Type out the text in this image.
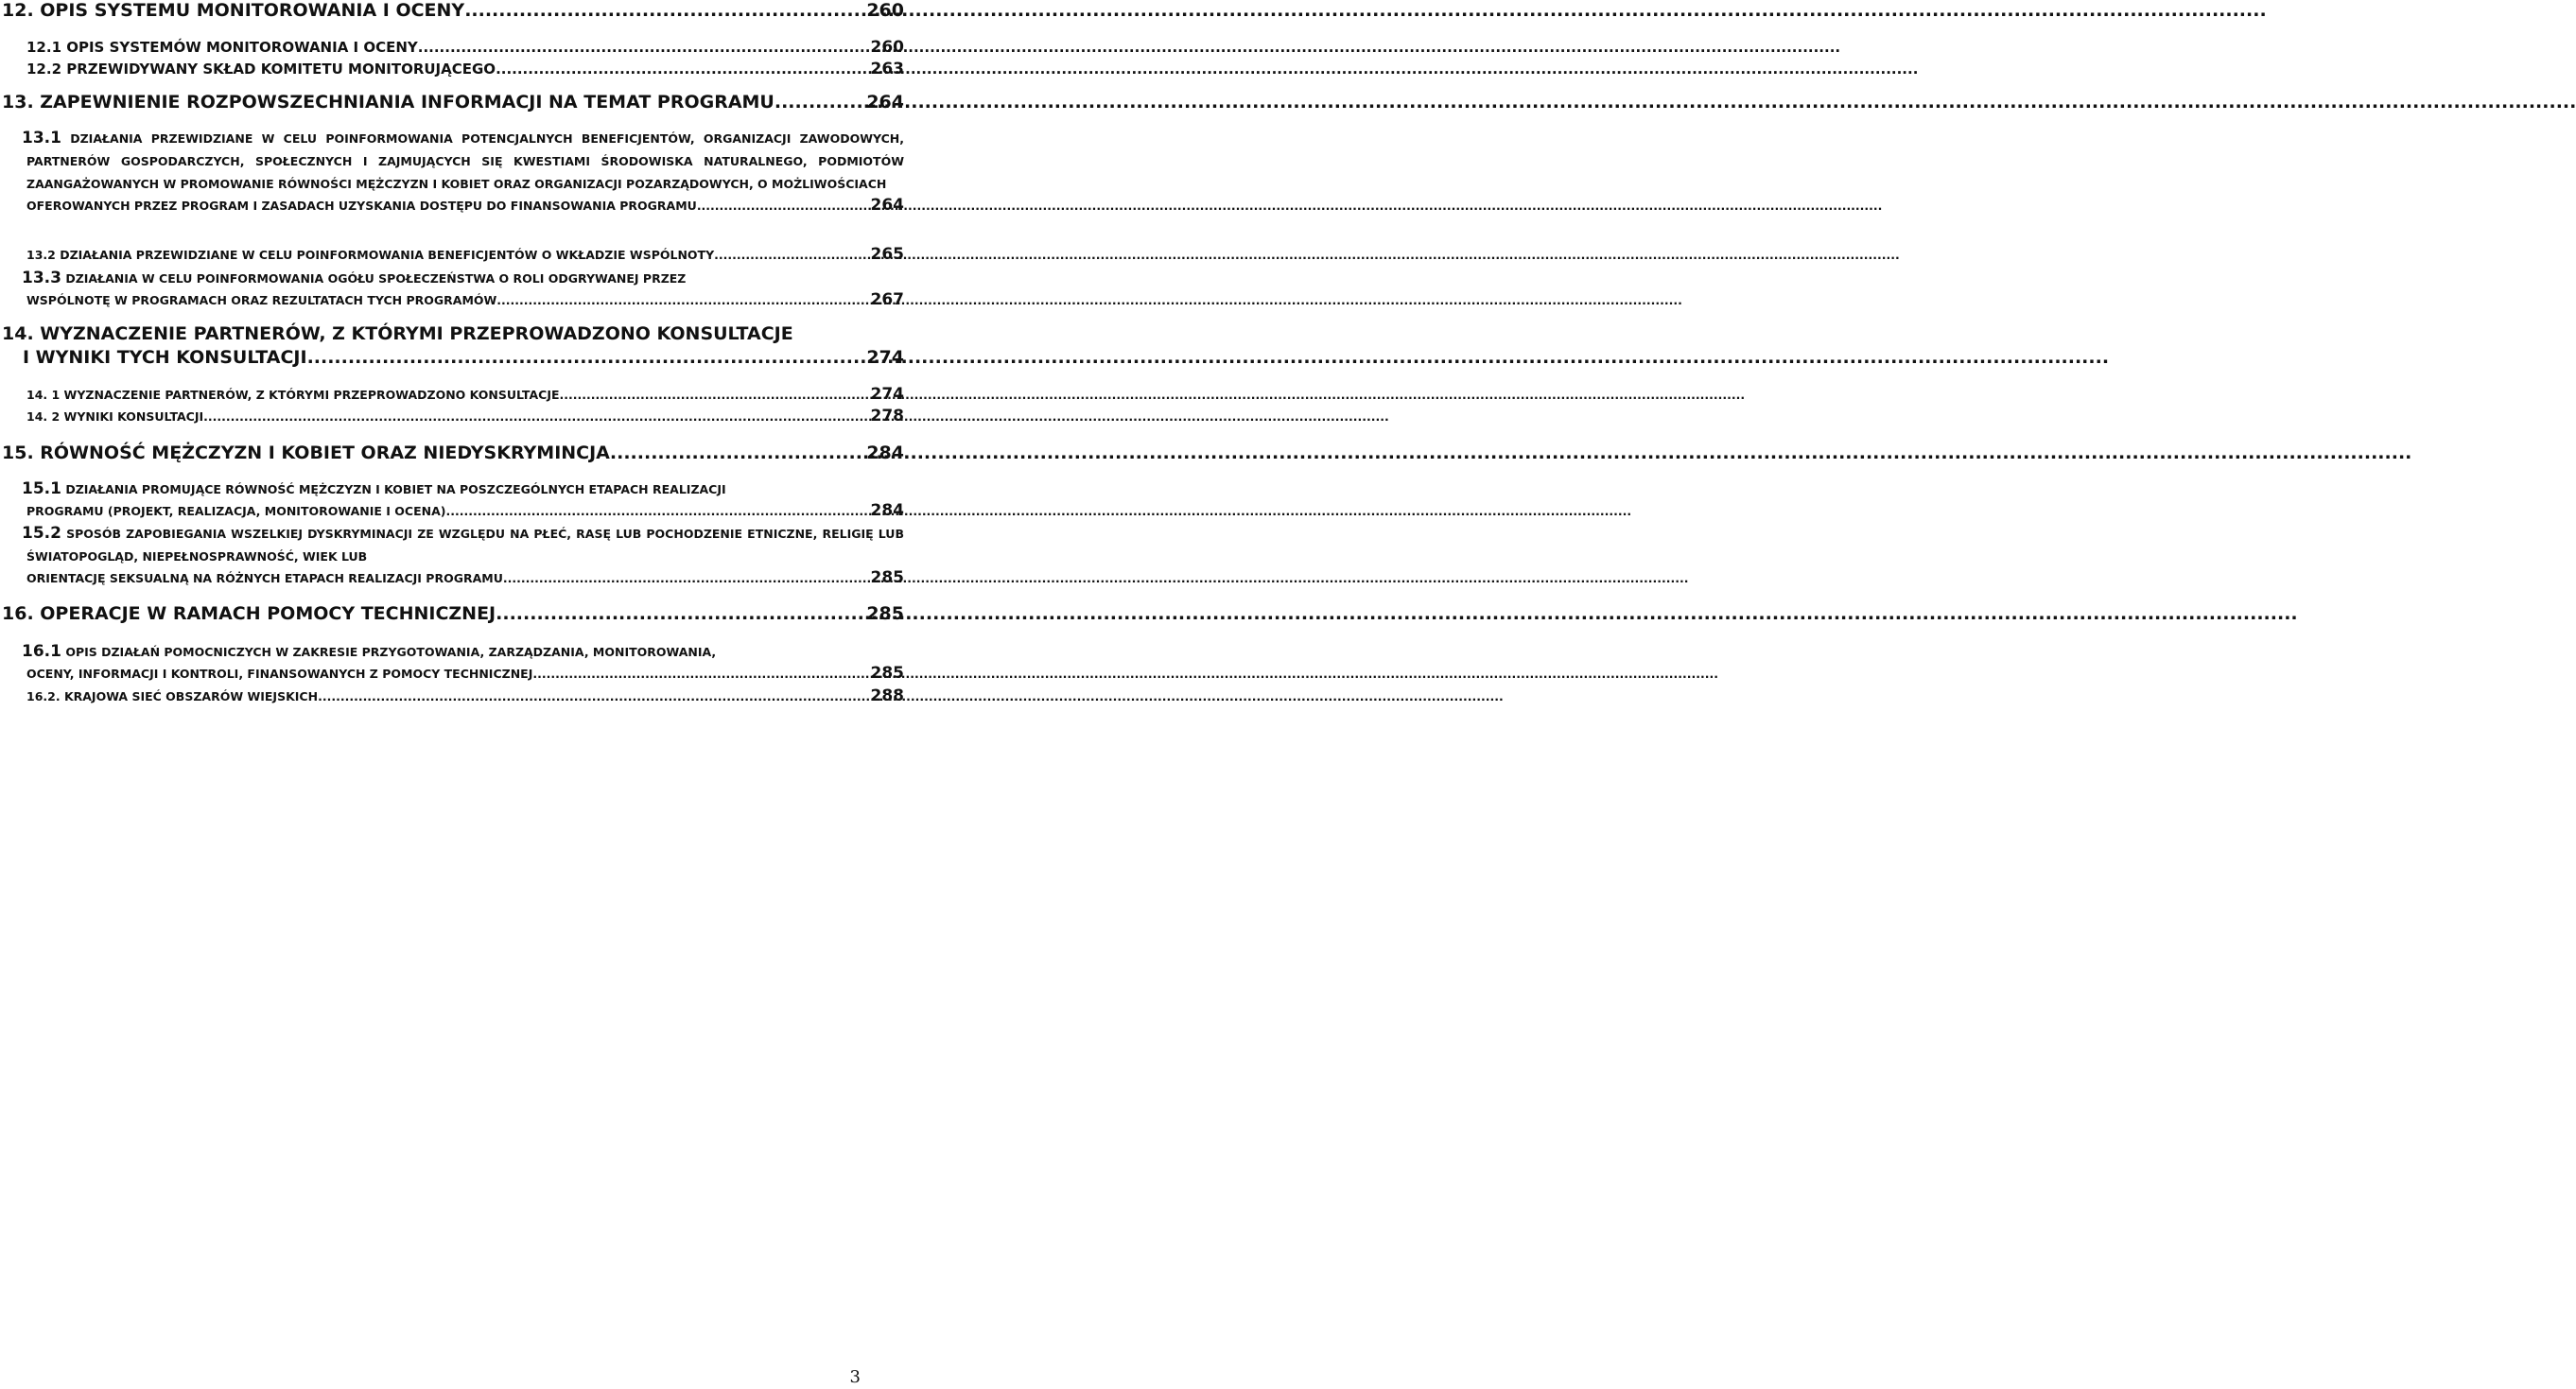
12. OPIS SYSTEMU MONITOROWANIA I OCENY .....	260
12.1 OPIS SYSTEMÓW MONITOROWANIA I OCENY .....	260
12.2 PRZEWIDYWANY SKŁAD KOMITETU MONITORUJĄCEGO .....	263
13. ZAPEWNIENIE ROZPOWSZECHNIANIA INFORMACJI NA TEMAT PROGRAMU .....	264
13.1 DZIAŁANIA PRZEWIDZIANE W CELU POINFORMOWANIA POTENCJALNYCH BENEFICJENTÓW, ORGANIZACJI ZAWODOWYCH, PARTNERÓW GOSPODARCZYCH, SPOŁECZNYCH I ZAJMUJĄCYCH SIĘ KWESTIAMI ŚRODOWISKA NATURALNEGO, PODMIOTÓW ZAANGAŻOWANYCH W PROMOWANIE RÓWNOŚCI MĘŻCZYZN I KOBIET ORAZ ORGANIZACJI POZARZĄDOWYCH, O MOŻLIWOŚCIACH
OFEROWANYCH PRZEZ PROGRAM I ZASADACH UZYSKANIA DOSTĘPU DO FINANSOWANIA PROGRAMU .....	264
13.2 DZIAŁANIA PRZEWIDZIANE W CELU POINFORMOWANIA BENEFICJENTÓW O WKŁADZIE WSPÓLNOTY .....	265
13.3 DZIAŁANIA W CELU POINFORMOWANIA OGÓŁU SPOŁECZEŃSTWA O ROLI ODGRYWANEJ PRZEZ
WSPÓLNOTĘ W PROGRAMACH ORAZ REZULTATACH TYCH PROGRAMÓW .....	267
14. WYZNACZENIE PARTNERÓW, Z KTÓRYMI PRZEPROWADZONO KONSULTACJE
I WYNIKI TYCH KONSULTACJI .....	274
14. 1 WYZNACZENIE PARTNERÓW, Z KTÓRYMI PRZEPROWADZONO KONSULTACJE .....	274
14. 2 WYNIKI KONSULTACJI .....	278
15. RÓWNOŚĆ MĘŻCZYZN I KOBIET ORAZ NIEDYSKRYMINCJA .....	284
15.1 DZIAŁANIA PROMUJĄCE RÓWNOŚĆ MĘŻCZYZN I KOBIET NA POSZCZEGÓLNYCH ETAPACH REALIZACJI
PROGRAMU (PROJEKT, REALIZACJA, MONITOROWANIE I OCENA) .....	284
15.2 SPOSÓB ZAPOBIEGANIA WSZELKIEJ DYSKRYMINACJI ZE WZGLĘDU NA PŁEĆ, RASĘ LUB POCHODZENIE ETNICZNE, RELIGIĘ LUB ŚWIATOPOGLĄD, NIEPEŁNOSPRAWNOŚĆ, WIEK LUB
ORIENTACJĘ SEKSUALNĄ NA RÓŻNYCH ETAPACH REALIZACJI PROGRAMU .....	285
16. OPERACJE W RAMACH POMOCY TECHNICZNEJ .....	285
16.1 OPIS DZIAŁAŃ POMOCNICZYCH W ZAKRESIE PRZYGOTOWANIA, ZARZĄDZANIA, MONITOROWANIA,
OCENY, INFORMACJI I KONTROLI, FINANSOWANYCH Z POMOCY TECHNICZNEJ .....	285
16.2. KRAJOWA SIEĆ OBSZARÓW WIEJSKICH .....	288
3
